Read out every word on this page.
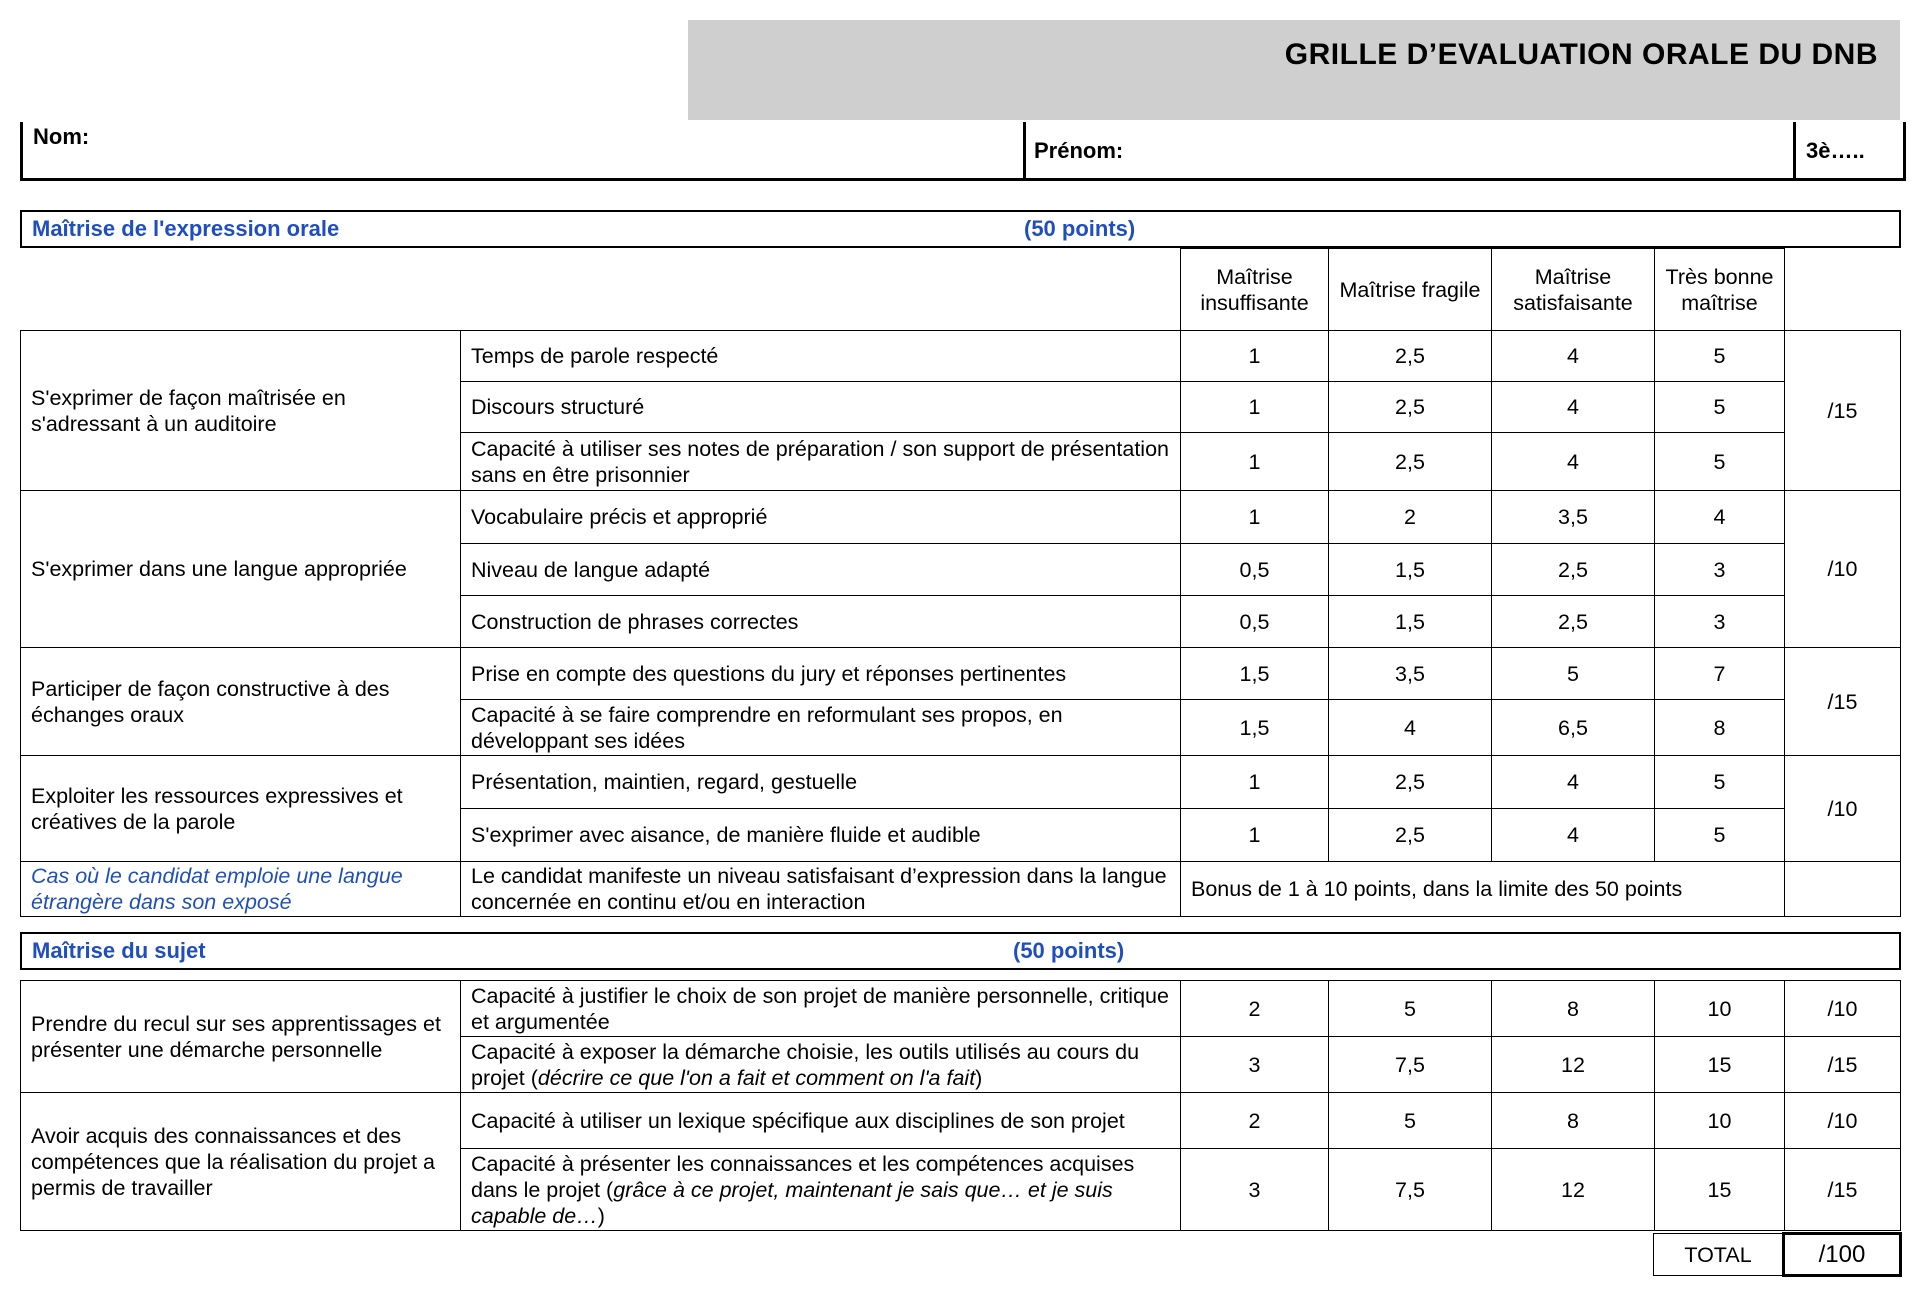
GRILLE D’EVALUATION ORALE DU DNB
Nom:
Prénom:	3è…..
Maîtrise de l'expression orale	(50 points)
		Maîtrise insuffisante	Maîtrise fragile	Maîtrise satisfaisante	Très bonne maîtrise	
S'exprimer de façon maîtrisée en s'adressant à un auditoire	Temps de parole respecté	1	2,5	4	5	/15
	Discours structuré	1	2,5	4	5	
	Capacité à utiliser ses notes de préparation / son support de présentation sans en être prisonnier	1	2,5	4	5	
S'exprimer dans une langue appropriée	Vocabulaire précis et approprié	1	2	3,5	4	/10
	Niveau de langue adapté	0,5	1,5	2,5	3	
	Construction de phrases correctes	0,5	1,5	2,5	3	
Participer de façon constructive à des échanges oraux	Prise en compte des questions du jury et réponses pertinentes	1,5	3,5	5	7	/15
	Capacité à se faire comprendre en reformulant ses propos, en développant ses idées	1,5	4	6,5	8	
Exploiter les ressources expressives et créatives de la parole	Présentation, maintien, regard, gestuelle	1	2,5	4	5	/10
	S'exprimer avec aisance, de manière fluide et audible	1	2,5	4	5	
Cas où le candidat emploie une langue étrangère dans son exposé	Le candidat manifeste un niveau satisfaisant d’expression dans la langue concernée en continu et/ou en interaction	Bonus de 1 à 10 points, dans la limite des 50 points				
Maîtrise du sujet	(50 points)
Prendre du recul sur ses apprentissages et présenter une démarche personnelle	Capacité à justifier le choix de son projet de manière personnelle, critique et argumentée	2	5	8	10	/10
	Capacité à exposer la démarche choisie, les outils utilisés au cours du projet (décrire ce que l'on a fait et comment on l'a fait)	3	7,5	12	15	/15
Avoir acquis des connaissances et des compétences que la réalisation du projet a permis de travailler	Capacité à utiliser un lexique spécifique aux disciplines de son projet	2	5	8	10	/10
	Capacité à présenter les connaissances et les compétences acquises dans le projet (grâce à ce projet, maintenant je sais que… et je suis capable de…)	3	7,5	12	15	/15
TOTAL	/100
